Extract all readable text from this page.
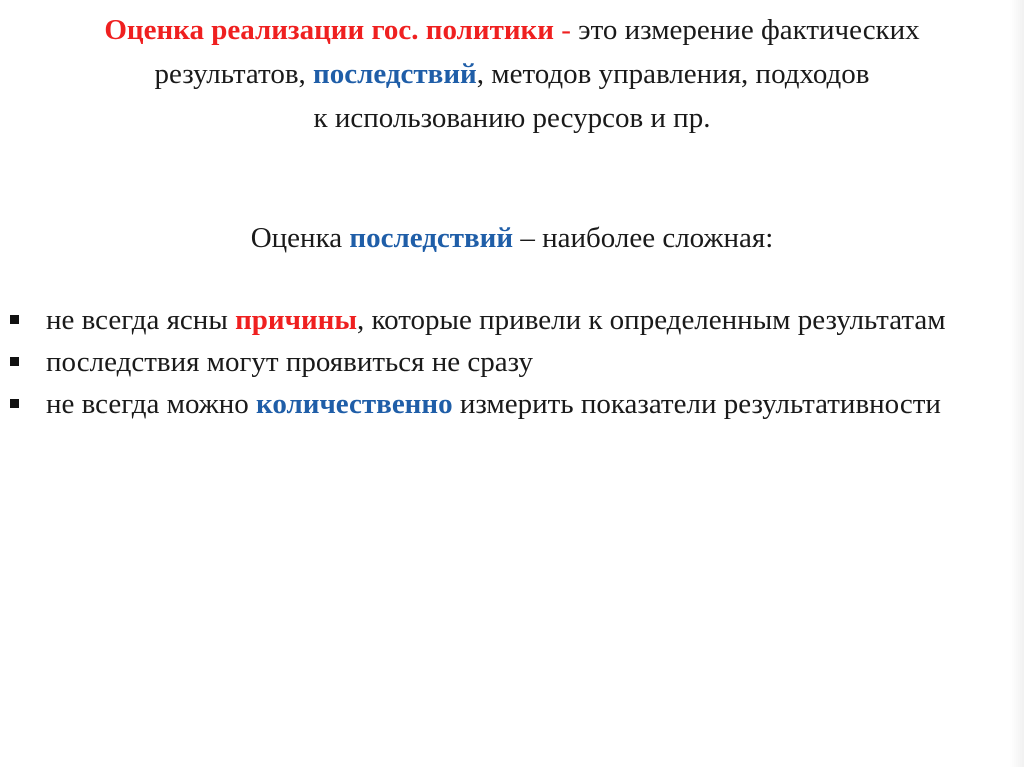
Оценка реализации гос. политики - это измерение фактических
результатов, последствий, методов управления, подходов
к использованию ресурсов и пр.
Оценка последствий – наиболее сложная:
не всегда ясны причины, которые привели к определенным результатам
последствия могут проявиться не сразу
не всегда можно количественно измерить показатели результативности
